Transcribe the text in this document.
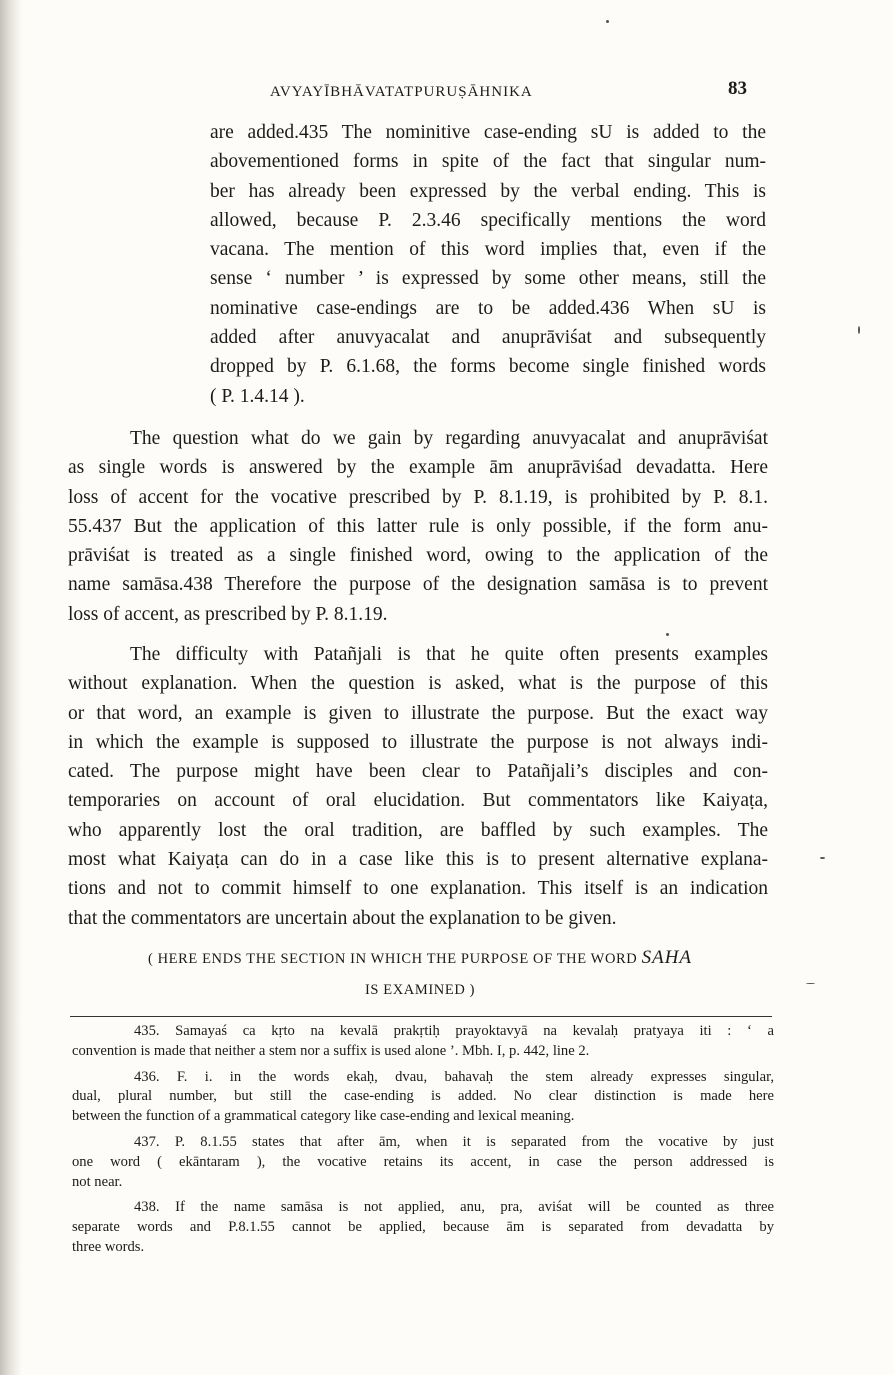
AVYAYĪBHĀVATATPURUṢĀHNIKA	83
are added.435 The nominitive case-ending sU is added to the
abovementioned forms in spite of the fact that singular num-
ber has already been expressed by the verbal ending. This is
allowed, because P. 2.3.46 specifically mentions the word
vacana. The mention of this word implies that, even if the
sense ‘ number ’ is expressed by some other means, still the
nominative case-endings are to be added.436 When sU is
added after anuvyacalat and anuprāviśat and subsequently
dropped by P. 6.1.68, the forms become single finished words
( P. 1.4.14 ).
The question what do we gain by regarding anuvyacalat and anuprāviśat
as single words is answered by the example ām anuprāviśad devadatta. Here
loss of accent for the vocative prescribed by P. 8.1.19, is prohibited by P. 8.1.
55.437 But the application of this latter rule is only possible, if the form anu-
prāviśat is treated as a single finished word, owing to the application of the
name samāsa.438 Therefore the purpose of the designation samāsa is to prevent
loss of accent, as prescribed by P. 8.1.19.
The difficulty with Patañjali is that he quite often presents examples
without explanation. When the question is asked, what is the purpose of this
or that word, an example is given to illustrate the purpose. But the exact way
in which the example is supposed to illustrate the purpose is not always indi-
cated. The purpose might have been clear to Patañjali’s disciples and con-
temporaries on account of oral elucidation. But commentators like Kaiyaṭa,
who apparently lost the oral tradition, are baffled by such examples. The
most what Kaiyaṭa can do in a case like this is to present alternative explana-
tions and not to commit himself to one explanation. This itself is an indication
that the commentators are uncertain about the explanation to be given.
( HERE ENDS THE SECTION IN WHICH THE PURPOSE OF THE WORD SAHA
IS EXAMINED )
435. Samayaś ca kṛto na kevalā prakṛtiḥ prayoktavyā na kevalaḥ pratyaya iti : ‘ a
convention is made that neither a stem nor a suffix is used alone ’. Mbh. I, p. 442, line 2.
436. F. i. in the words ekaḥ, dvau, bahavaḥ the stem already expresses singular,
dual, plural number, but still the case-ending is added. No clear distinction is made here
between the function of a grammatical category like case-ending and lexical meaning.
437. P. 8.1.55 states that after ām, when it is separated from the vocative by just
one word ( ekāntaram ), the vocative retains its accent, in case the person addressed is
not near.
438. If the name samāsa is not applied, anu, pra, aviśat will be counted as three
separate words and P.8.1.55 cannot be applied, because ām is separated from devadatta by
three words.
